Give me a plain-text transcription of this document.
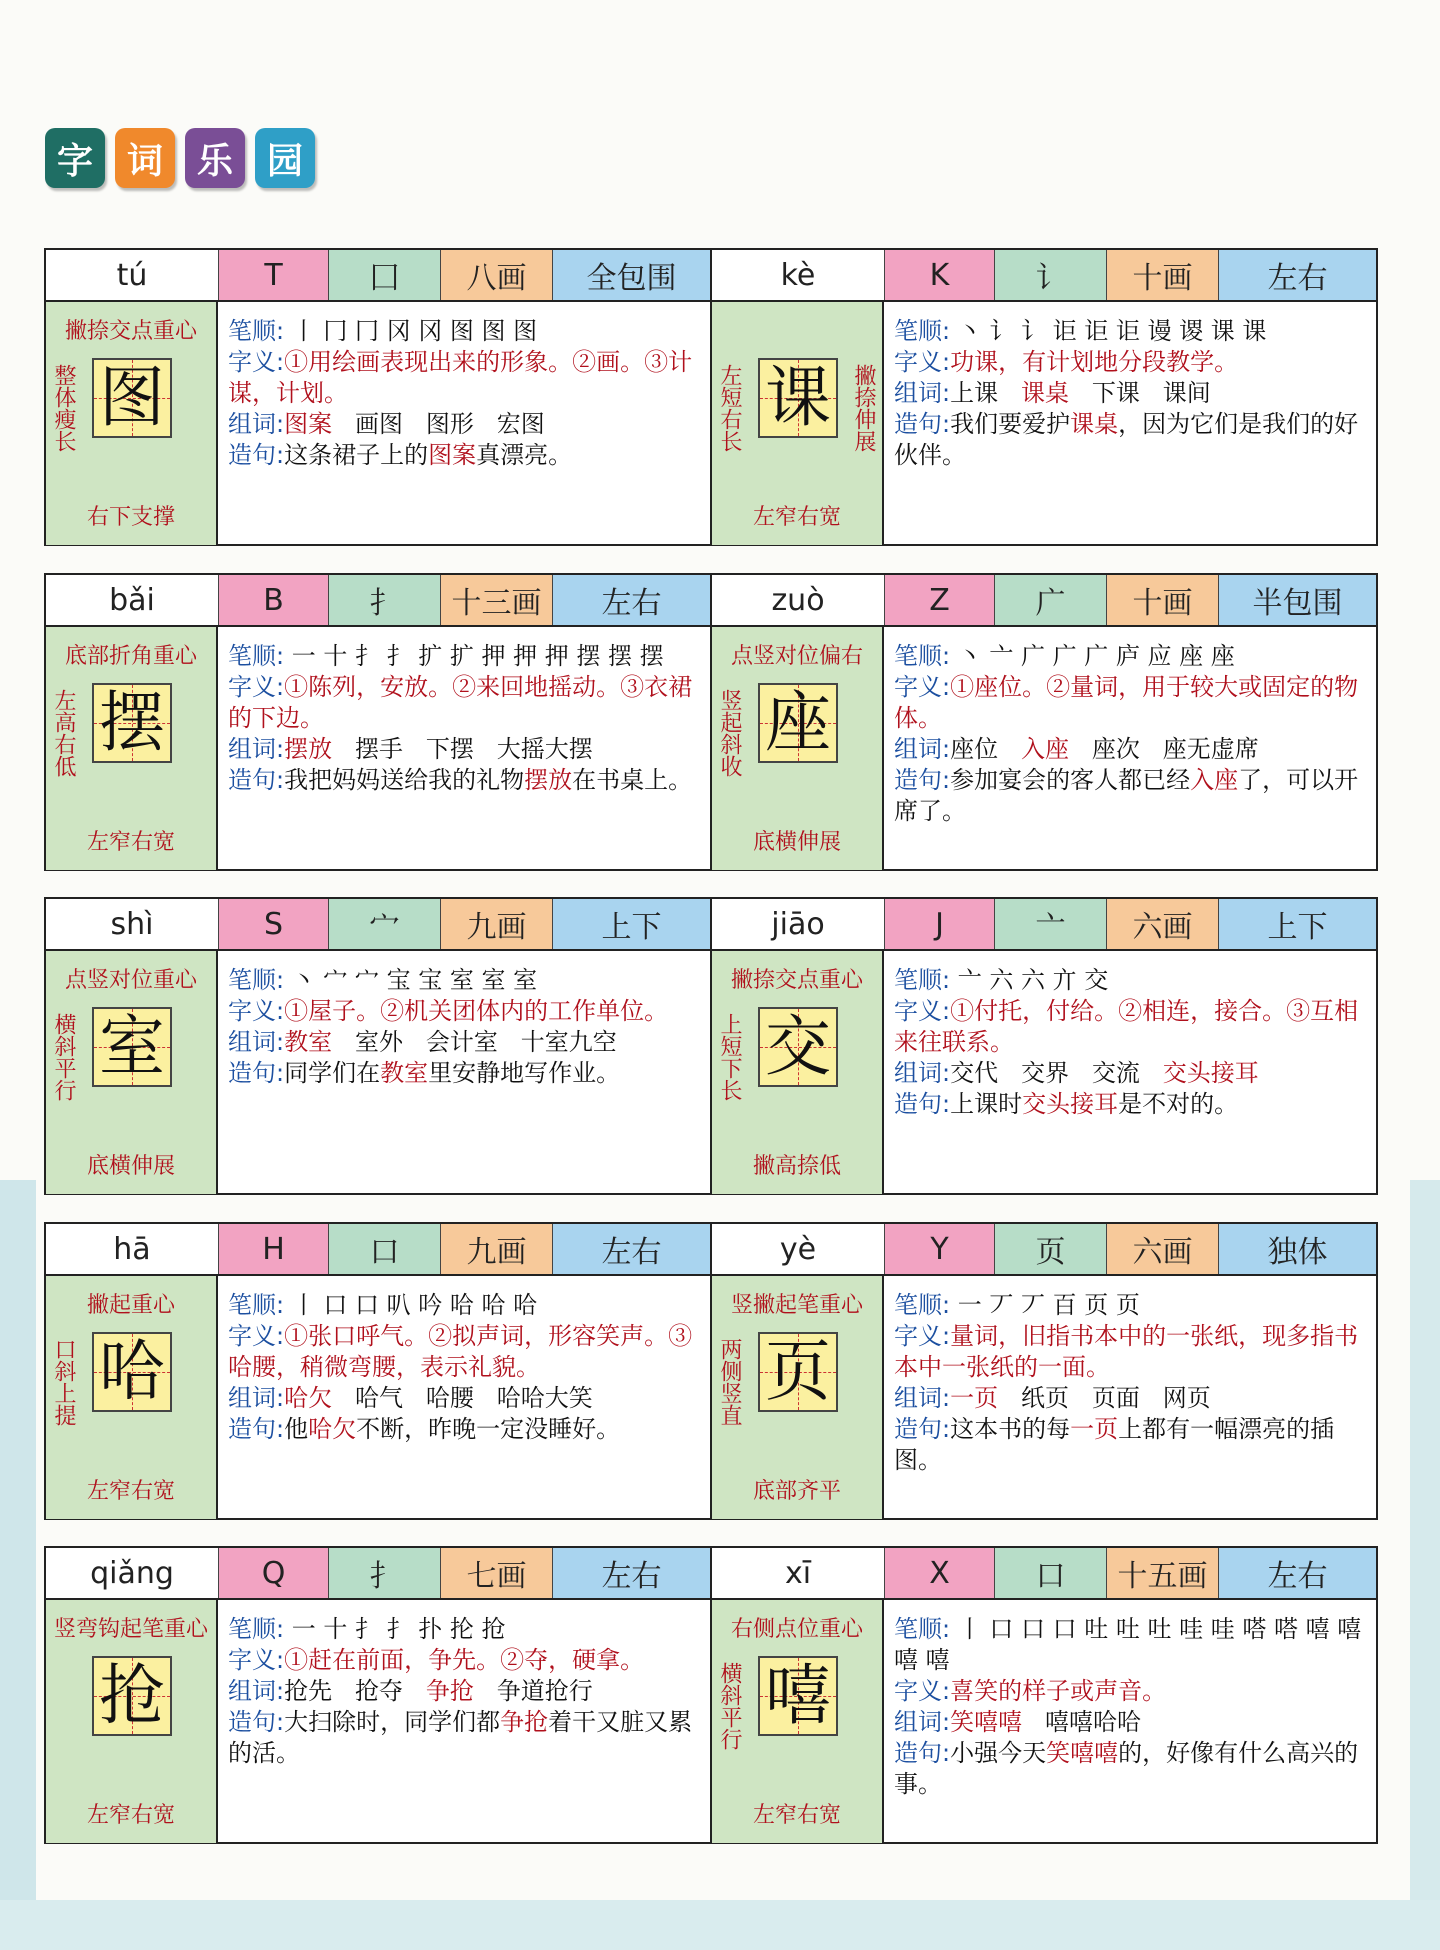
字 词 乐 园
tú	T	囗	八画	全包围
撇捺交点重心
整体瘦长 图
右下支撑

笔顺: 丨 冂 冂 冈 冈 图 图 图

字义:①用绘画表现出来的形象。②画。③计谋，计划。

组词:图案 画图 图形 宏图

造句:这条裙子上的图案真漂亮。

kè	K	讠	十画	左右
左短右长	撇捺伸展
课
左窄右宽

笔顺: 丶 讠 讠 讵 讵 讵 谩 谡 课 课

字义:功课，有计划地分段教学。

组词:上课 课桌 下课 课间

造句:我们要爱护课桌，因为它们是我们的好伙伴。

bǎi	B	扌	十三画	左右
底部折角重心
左高右低 摆
左窄右宽

笔顺: 一 十 扌 扌 扩 扩 押 押 押 摆 摆 摆

字义:①陈列，安放。②来回地摇动。③衣裙的下边。

组词:摆放 摆手 下摆 大摇大摆

造句:我把妈妈送给我的礼物摆放在书桌上。

zuò	Z	广	十画	半包围
点竖对位偏右
竖起斜收 座
底横伸展

笔顺: 丶 亠 广 广 广 庐 应 座 座

字义:①座位。②量词，用于较大或固定的物体。

组词:座位 入座 座次 座无虚席

造句:参加宴会的客人都已经入座了，可以开席了。

shì	S	宀	九画	上下
点竖对位重心
横斜平行 室
底横伸展

笔顺: 丶 宀 宀 宝 宝 室 室 室

字义:①屋子。②机关团体内的工作单位。

组词:教室 室外 会计室 十室九空

造句:同学们在教室里安静地写作业。

jiāo	J	亠	六画	上下
撇捺交点重心
上短下长 交
撇高捺低

笔顺: 亠 六 六 亣 交

字义:①付托，付给。②相连，接合。③互相来往联系。

组词:交代 交界 交流 交头接耳

造句:上课时交头接耳是不对的。

hā	H	口	九画	左右
撇起重心
口斜上提 哈
左窄右宽

笔顺: 丨 口 口 叭 吟 哈 哈 哈

字义:①张口呼气。②拟声词，形容笑声。③哈腰，稍微弯腰，表示礼貌。

组词:哈欠 哈气 哈腰 哈哈大笑

造句:他哈欠不断，昨晚一定没睡好。

yè	Y	页	六画	独体
竖撇起笔重心
两侧竖直 页
底部齐平

笔顺: 一 丆 丆 百 页 页

字义:量词，旧指书本中的一张纸，现多指书本中一张纸的一面。

组词:一页 纸页 页面 网页

造句:这本书的每一页上都有一幅漂亮的插图。

qiǎng	Q	扌	七画	左右
竖弯钩起笔重心
抢
左窄右宽

笔顺: 一 十 扌 扌 扑 抡 抢

字义:①赶在前面，争先。②夺，硬拿。

组词:抢先 抢夺 争抢 争道抢行

造句:大扫除时，同学们都争抢着干又脏又累的活。

xī	X	口	十五画	左右
右侧点位重心
横斜平行 嘻
左窄右宽

笔顺: 丨 口 口 口 吐 吐 吐 哇 哇 嗒 嗒 嘻 嘻 嘻 嘻

字义:喜笑的样子或声音。

组词:笑嘻嘻 嘻嘻哈哈

造句:小强今天笑嘻嘻的，好像有什么高兴的事。
